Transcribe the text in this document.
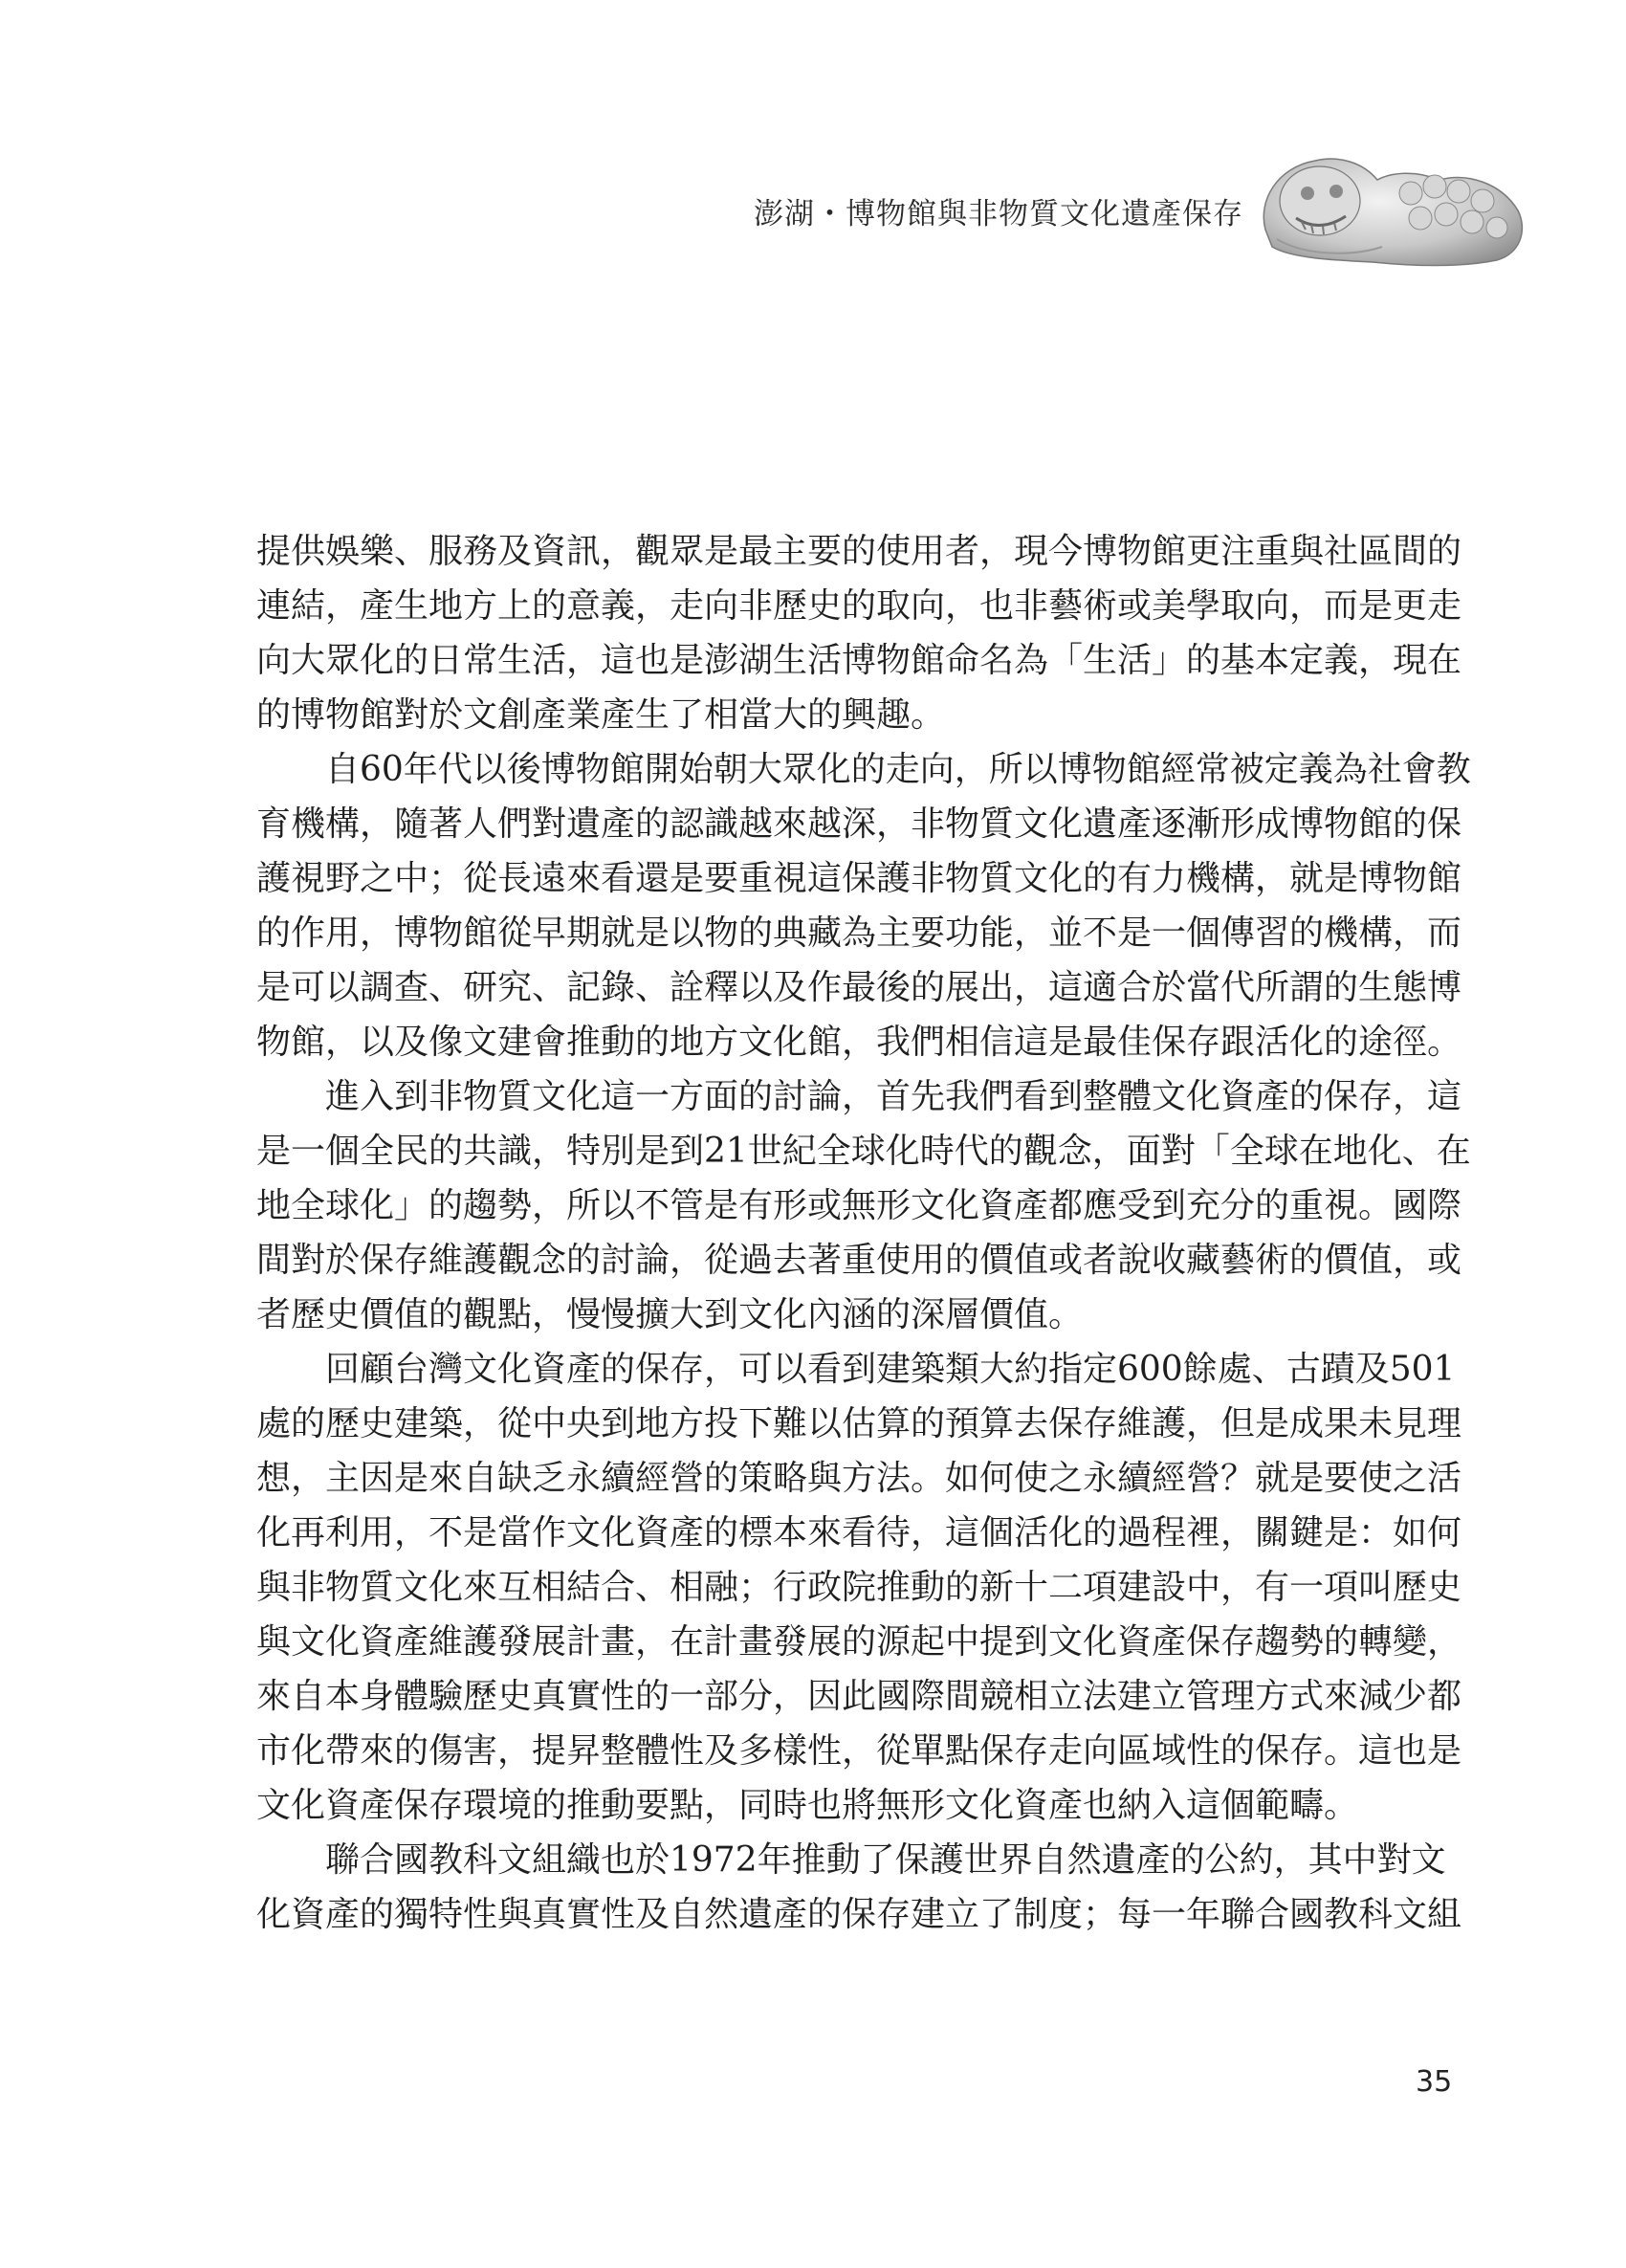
澎湖・博物館與非物質文化遺產保存
提供娛樂、服務及資訊，觀眾是最主要的使用者，現今博物館更注重與社區間的
連結，產生地方上的意義，走向非歷史的取向，也非藝術或美學取向，而是更走
向大眾化的日常生活，這也是澎湖生活博物館命名為「生活」的基本定義，現在
的博物館對於文創產業產生了相當大的興趣。
自60年代以後博物館開始朝大眾化的走向，所以博物館經常被定義為社會教
育機構，隨著人們對遺產的認識越來越深，非物質文化遺產逐漸形成博物館的保
護視野之中；從長遠來看還是要重視這保護非物質文化的有力機構，就是博物館
的作用，博物館從早期就是以物的典藏為主要功能，並不是一個傳習的機構，而
是可以調查、研究、記錄、詮釋以及作最後的展出，這適合於當代所謂的生態博
物館，以及像文建會推動的地方文化館，我們相信這是最佳保存跟活化的途徑。
進入到非物質文化這一方面的討論，首先我們看到整體文化資產的保存，這
是一個全民的共識，特別是到21世紀全球化時代的觀念，面對「全球在地化、在
地全球化」的趨勢，所以不管是有形或無形文化資產都應受到充分的重視。國際
間對於保存維護觀念的討論，從過去著重使用的價值或者說收藏藝術的價值，或
者歷史價值的觀點，慢慢擴大到文化內涵的深層價值。
回顧台灣文化資產的保存，可以看到建築類大約指定600餘處、古蹟及501
處的歷史建築，從中央到地方投下難以估算的預算去保存維護，但是成果未見理
想，主因是來自缺乏永續經營的策略與方法。如何使之永續經營？就是要使之活
化再利用，不是當作文化資產的標本來看待，這個活化的過程裡，關鍵是：如何
與非物質文化來互相結合、相融；行政院推動的新十二項建設中，有一項叫歷史
與文化資產維護發展計畫，在計畫發展的源起中提到文化資產保存趨勢的轉變，
來自本身體驗歷史真實性的一部分，因此國際間競相立法建立管理方式來減少都
市化帶來的傷害，提昇整體性及多樣性，從單點保存走向區域性的保存。這也是
文化資產保存環境的推動要點，同時也將無形文化資產也納入這個範疇。
聯合國教科文組織也於1972年推動了保護世界自然遺產的公約，其中對文
化資產的獨特性與真實性及自然遺產的保存建立了制度；每一年聯合國教科文組
35
